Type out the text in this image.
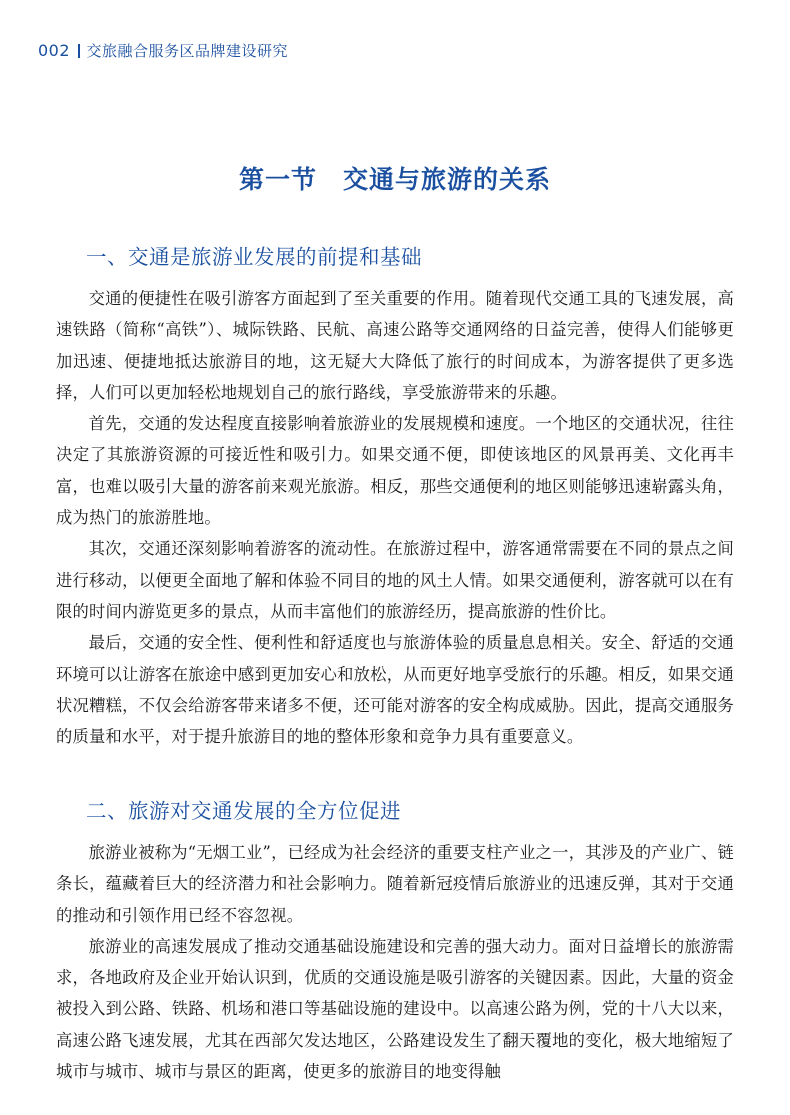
002 交旅融合服务区品牌建设研究
第一节　交通与旅游的关系
一、交通是旅游业发展的前提和基础

交通的便捷性在吸引游客方面起到了至关重要的作用。随着现代交通工具的飞速发展，高速铁路（简称“高铁”）、城际铁路、民航、高速公路等交通网络的日益完善，使得人们能够更加迅速、便捷地抵达旅游目的地，这无疑大大降低了旅行的时间成本，为游客提供了更多选择，人们可以更加轻松地规划自己的旅行路线，享受旅游带来的乐趣。

首先，交通的发达程度直接影响着旅游业的发展规模和速度。一个地区的交通状况，往往决定了其旅游资源的可接近性和吸引力。如果交通不便，即使该地区的风景再美、文化再丰富，也难以吸引大量的游客前来观光旅游。相反，那些交通便利的地区则能够迅速崭露头角，成为热门的旅游胜地。

其次，交通还深刻影响着游客的流动性。在旅游过程中，游客通常需要在不同的景点之间进行移动，以便更全面地了解和体验不同目的地的风土人情。如果交通便利，游客就可以在有限的时间内游览更多的景点，从而丰富他们的旅游经历，提高旅游的性价比。

最后，交通的安全性、便利性和舒适度也与旅游体验的质量息息相关。安全、舒适的交通环境可以让游客在旅途中感到更加安心和放松，从而更好地享受旅行的乐趣。相反，如果交通状况糟糕，不仅会给游客带来诸多不便，还可能对游客的安全构成威胁。因此，提高交通服务的质量和水平，对于提升旅游目的地的整体形象和竞争力具有重要意义。

二、旅游对交通发展的全方位促进

旅游业被称为“无烟工业”，已经成为社会经济的重要支柱产业之一，其涉及的产业广、链条长，蕴藏着巨大的经济潜力和社会影响力。随着新冠疫情后旅游业的迅速反弹，其对于交通的推动和引领作用已经不容忽视。

旅游业的高速发展成了推动交通基础设施建设和完善的强大动力。面对日益增长的旅游需求，各地政府及企业开始认识到，优质的交通设施是吸引游客的关键因素。因此，大量的资金被投入到公路、铁路、机场和港口等基础设施的建设中。以高速公路为例，党的十八大以来，高速公路飞速发展，尤其在西部欠发达地区，公路建设发生了翻天覆地的变化，极大地缩短了城市与城市、城市与景区的距离，使更多的旅游目的地变得触
